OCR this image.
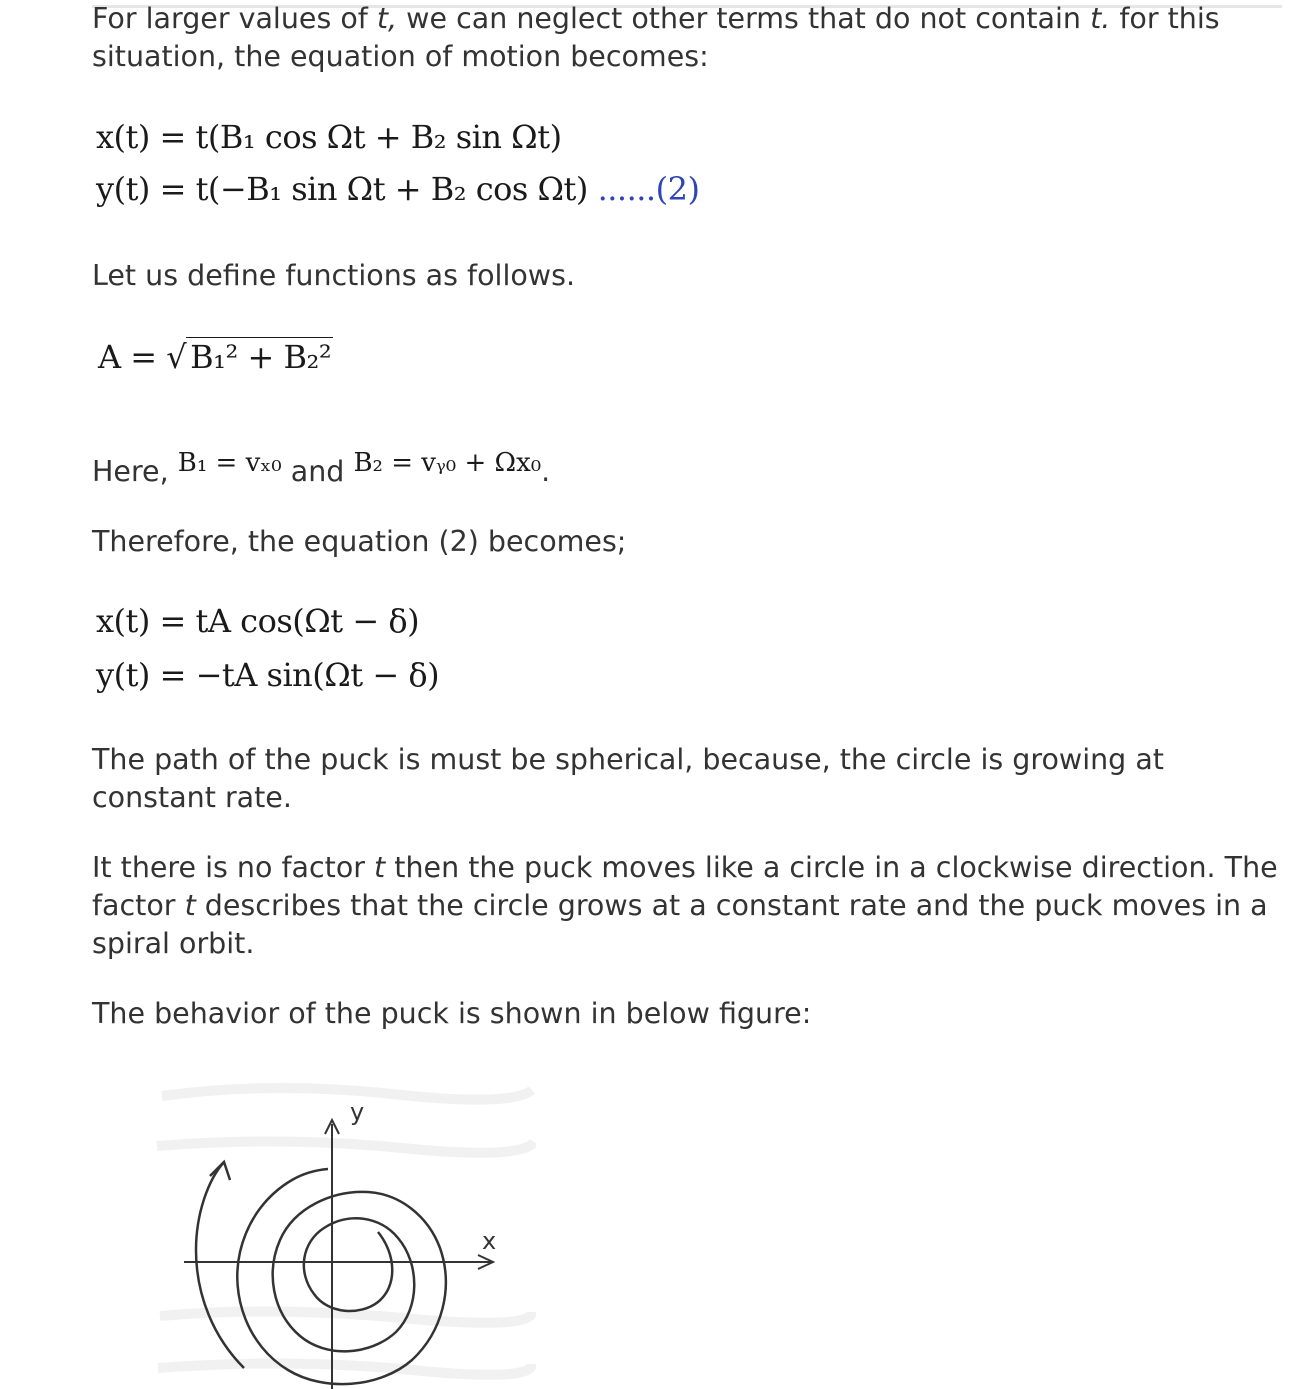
For larger values of t, we can neglect other terms that do not contain t. for this situation, the equation of motion becomes:

x(t) = t(B₁ cos Ωt + B₂ sin Ωt)
y(t) = t(−B₁ sin Ωt + B₂ cos Ωt) ......(2)

Let us define functions as follows.

A = √ B₁² + B₂²
Here, B₁ = vₓ₀ and B₂ = vᵧ₀ + Ωx₀.

Therefore, the equation (2) becomes;

x(t) = tA cos(Ωt − δ)
y(t) = −tA sin(Ωt − δ)

The path of the puck is must be spherical, because, the circle is growing at constant rate.

It there is no factor t then the puck moves like a circle in a clockwise direction. The factor t describes that the circle grows at a constant rate and the puck moves in a spiral orbit.

The behavior of the puck is shown in below figure:

y
x
